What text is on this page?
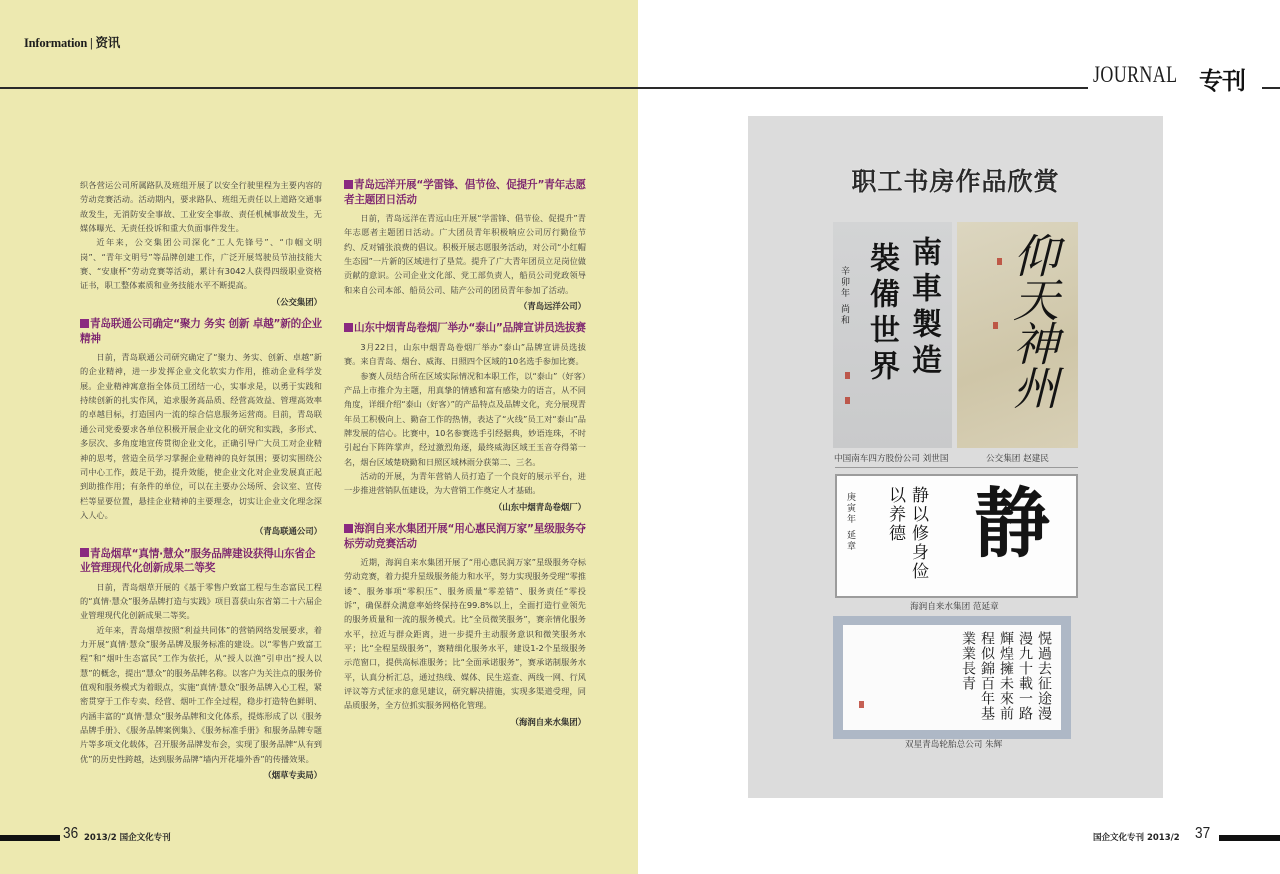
Information | 资讯
JOURNAL 专刊

织各营运公司所属路队及班组开展了以安全行驶里程为主要内容的劳动竞赛活动。活动期内，要求路队、班组无责任以上道路交通事故发生，无消防安全事故、工业安全事故、责任机械事故发生，无媒体曝光、无责任投诉和重大负面事件发生。

近年来，公交集团公司深化“工人先锋号”、“巾帼文明岗”、“青年文明号”等品牌创建工作，广泛开展驾驶员节油技能大赛、“安康杯”劳动竞赛等活动，累计有3042人获得四级职业资格证书，职工整体素质和业务技能水平不断提高。

（公交集团）

青岛联通公司确定“聚力 务实 创新 卓越”新的企业精神

日前，青岛联通公司研究确定了“聚力、务实、创新、卓越”新的企业精神，进一步发挥企业文化软实力作用，推动企业科学发展。企业精神寓意指全体员工团结一心，实事求是，以勇于实践和持续创新的扎实作风，追求服务高品质、经营高效益、管理高效率的卓越目标，打造国内一流的综合信息服务运营商。目前，青岛联通公司党委要求各单位积极开展企业文化的研究和实践，多形式、多层次、多角度地宣传贯彻企业文化，正确引导广大员工对企业精神的思考，营造全员学习掌握企业精神的良好氛围；要切实围绕公司中心工作，鼓足干劲，提升效能，使企业文化对企业发展真正起到助推作用；有条件的单位，可以在主要办公场所、会议室、宣传栏等显要位置，悬挂企业精神的主要理念，切实让企业文化理念深入人心。

（青岛联通公司）

青岛烟草“真情·慧众”服务品牌建设获得山东省企业管理现代化创新成果二等奖

日前，青岛烟草开展的《基于零售户致富工程与生态富民工程的“真情·慧众”服务品牌打造与实践》项目喜获山东省第二十六届企业管理现代化创新成果二等奖。

近年来，青岛烟草按照“利益共同体”的营销网络发展要求，着力开展“真情·慧众”服务品牌及服务标准的建设。以“零售户致富工程”和“烟叶生态富民”工作为依托，从“授人以渔”引申出“授人以慧”的概念，提出“慧众”的服务品牌名称。以客户为关注点的服务价值观和服务模式为着眼点，实施“真情·慧众”服务品牌入心工程，紧密贯穿于工作专卖、经营、烟叶工作全过程，稳步打造特色鲜明、内涵丰富的“真情·慧众”服务品牌和文化体系，提炼形成了以《服务品牌手册》、《服务品牌案例集》、《服务标准手册》和服务品牌专题片等多项文化载体，召开服务品牌发布会，实现了服务品牌“从有到优”的历史性跨越，达到服务品牌“墙内开花墙外香”的传播效果。

（烟草专卖局）

青岛远洋开展“学雷锋、倡节俭、促提升”青年志愿者主题团日活动

日前，青岛远洋在青远山庄开展“学雷锋、倡节俭、促提升”青年志愿者主题团日活动。广大团员青年积极响应公司厉行勤俭节约、反对铺张浪费的倡议。积极开展志愿服务活动，对公司“小红帽生态园”一片新的区域进行了垦荒。提升了广大青年团员立足岗位做贡献的意识。公司企业文化部、党工部负责人，船员公司党政领导和来自公司本部、船员公司、陆产公司的团员青年参加了活动。

（青岛远洋公司）

山东中烟青岛卷烟厂举办“泰山”品牌宣讲员选拔赛

3月22日，山东中烟青岛卷烟厂举办“泰山”品牌宣讲员选拔赛。来自青岛、烟台、威海、日照四个区域的10名选手参加比赛。

参赛人员结合所在区域实际情况和本职工作，以“泰山”（好客）产品上市推介为主题，用真挚的情感和富有感染力的语言，从不同角度，详细介绍“泰山（好客）”的产品特点及品牌文化，充分展现青年员工积极向上、勤奋工作的热情，表达了“火线”员工对“泰山”品牌发展的信心。比赛中，10名参赛选手引经据典，妙语连珠，不时引起台下阵阵掌声，经过激烈角逐，最终威海区域王玉音夺得第一名，烟台区域楚晓勤和日照区域林雨分获第二、三名。

活动的开展，为青年营销人员打造了一个良好的展示平台，进一步推进营销队伍建设，为大营销工作奠定人才基础。

（山东中烟青岛卷烟厂）

海润自来水集团开展“用心惠民润万家”星级服务夺标劳动竞赛活动

近期，海润自来水集团开展了“用心惠民润万家”星级服务夺标劳动竞赛，着力提升星级服务能力和水平，努力实现服务受理“零推诿”、服务事项“零积压”、服务质量“零差错”、服务责任“零投诉”，确保群众满意率始终保持在99.8%以上，全面打造行业领先的服务质量和一流的服务模式。比“全员微笑服务”，赛亲情化服务水平，拉近与群众距离，进一步提升主动服务意识和微笑服务水平；比“全程星级服务”，赛精细化服务水平，建设1-2个星级服务示范窗口，提供高标准服务；比“全面承诺服务”，赛承诺制服务水平，认真分析汇总，通过热线、媒体、民生巡查、两线一网、行风评议等方式征求的意见建议，研究解决措施，实现多渠道受理，同品质服务，全方位抓实服务网格化管理。

（海润自来水集团）

职工书房作品欣赏
南車製造
裝備世界
辛卯年 尚和	仰天神州
静
静以修身俭以养德
庚寅年 延章
愰過去征途漫漫九十載一路輝煌擁未來前程似錦百年基業業長青
中国南车四方股份公司 刘世国	公交集团 赵建民
海润自来水集团 范延章
双星青岛轮胎总公司 朱辉
36 2013/2 国企文化专刊	国企文化专刊 2013/2 37
